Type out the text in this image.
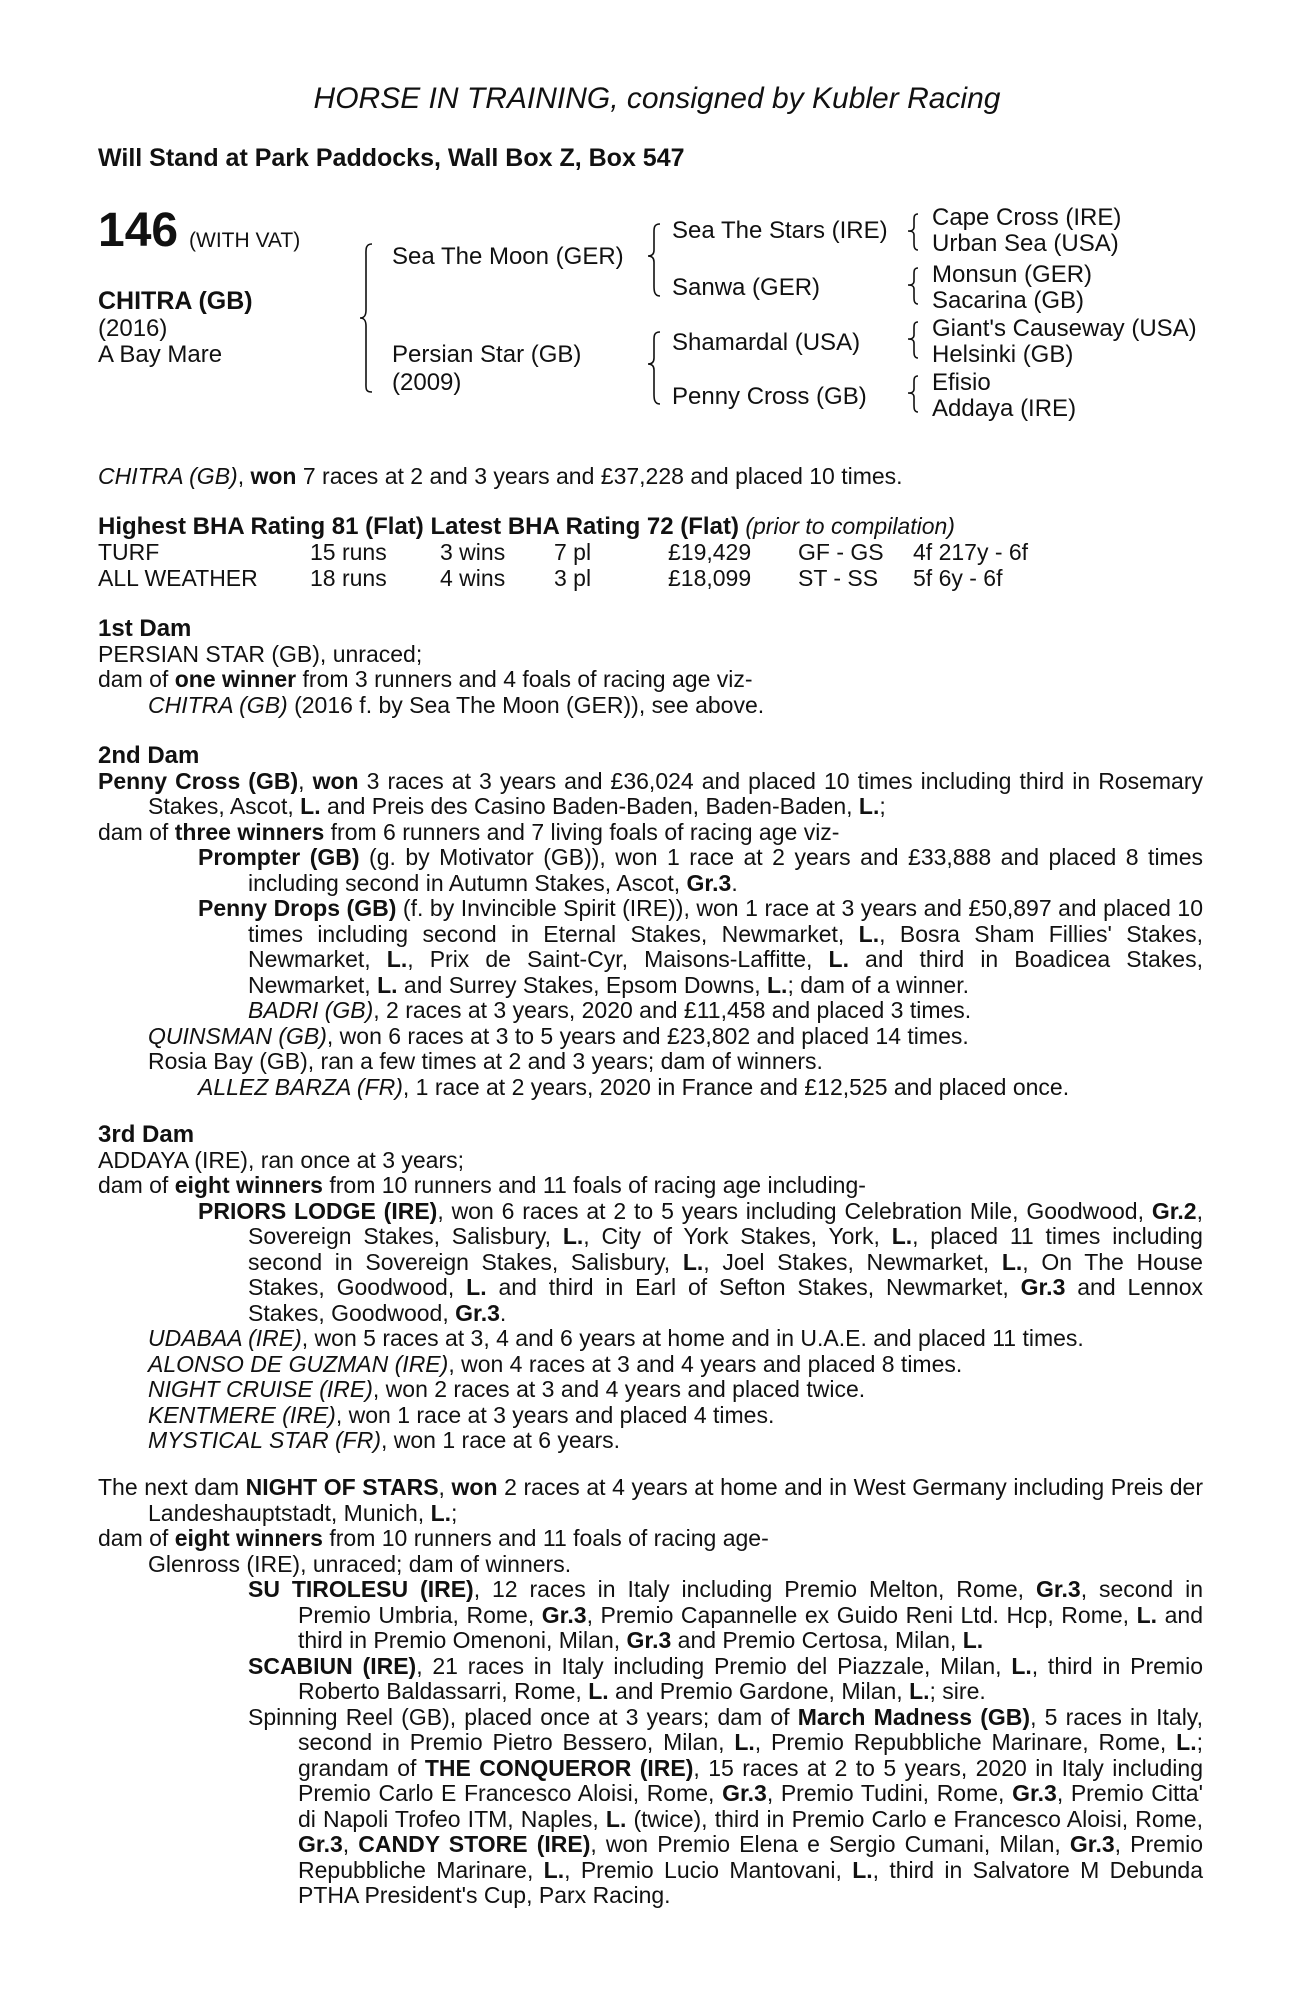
HORSE IN TRAINING, consigned by Kubler Racing
Will Stand at Park Paddocks, Wall Box Z, Box 547
146 (WITH VAT)
CHITRA (GB)
(2016)
A Bay Mare
Sea The Moon (GER)
Persian Star (GB)
(2009)
Sea The Stars (IRE)
Sanwa (GER)
Shamardal (USA)
Penny Cross (GB)
Cape Cross (IRE)
Urban Sea (USA)
Monsun (GER)
Sacarina (GB)
Giant's Causeway (USA)
Helsinki (GB)
Efisio
Addaya (IRE)

CHITRA (GB), won 7 races at 2 and 3 years and £37,228 and placed 10 times.

Highest BHA Rating 81 (Flat) Latest BHA Rating 72 (Flat) (prior to compilation)

TURF	15 runs	3 wins	7 pl	£19,429	GF - GS	4f 217y - 6f
ALL WEATHER	18 runs	4 wins	3 pl	£18,099	ST - SS	5f 6y - 6f

1st Dam

PERSIAN STAR (GB), unraced;

dam of one winner from 3 runners and 4 foals of racing age viz-

CHITRA (GB) (2016 f. by Sea The Moon (GER)), see above.

2nd Dam

Penny Cross (GB), won 3 races at 3 years and £36,024 and placed 10 times including third in Rosemary Stakes, Ascot, L. and Preis des Casino Baden-Baden, Baden-Baden, L.;

dam of three winners from 6 runners and 7 living foals of racing age viz-

Prompter (GB) (g. by Motivator (GB)), won 1 race at 2 years and £33,888 and placed 8 times including second in Autumn Stakes, Ascot, Gr.3.

Penny Drops (GB) (f. by Invincible Spirit (IRE)), won 1 race at 3 years and £50,897 and placed 10 times including second in Eternal Stakes, Newmarket, L., Bosra Sham Fillies' Stakes, Newmarket, L., Prix de Saint-Cyr, Maisons-Laffitte, L. and third in Boadicea Stakes, Newmarket, L. and Surrey Stakes, Epsom Downs, L.; dam of a winner.

BADRI (GB), 2 races at 3 years, 2020 and £11,458 and placed 3 times.

QUINSMAN (GB), won 6 races at 3 to 5 years and £23,802 and placed 14 times.

Rosia Bay (GB), ran a few times at 2 and 3 years; dam of winners.

ALLEZ BARZA (FR), 1 race at 2 years, 2020 in France and £12,525 and placed once.

3rd Dam

ADDAYA (IRE), ran once at 3 years;

dam of eight winners from 10 runners and 11 foals of racing age including-

PRIORS LODGE (IRE), won 6 races at 2 to 5 years including Celebration Mile, Goodwood, Gr.2, Sovereign Stakes, Salisbury, L., City of York Stakes, York, L., placed 11 times including second in Sovereign Stakes, Salisbury, L., Joel Stakes, Newmarket, L., On The House Stakes, Goodwood, L. and third in Earl of Sefton Stakes, Newmarket, Gr.3 and Lennox Stakes, Goodwood, Gr.3.

UDABAA (IRE), won 5 races at 3, 4 and 6 years at home and in U.A.E. and placed 11 times.

ALONSO DE GUZMAN (IRE), won 4 races at 3 and 4 years and placed 8 times.

NIGHT CRUISE (IRE), won 2 races at 3 and 4 years and placed twice.

KENTMERE (IRE), won 1 race at 3 years and placed 4 times.

MYSTICAL STAR (FR), won 1 race at 6 years.

The next dam NIGHT OF STARS, won 2 races at 4 years at home and in West Germany including Preis der Landeshauptstadt, Munich, L.;

dam of eight winners from 10 runners and 11 foals of racing age-

Glenross (IRE), unraced; dam of winners.

SU TIROLESU (IRE), 12 races in Italy including Premio Melton, Rome, Gr.3, second in Premio Umbria, Rome, Gr.3, Premio Capannelle ex Guido Reni Ltd. Hcp, Rome, L. and third in Premio Omenoni, Milan, Gr.3 and Premio Certosa, Milan, L.

SCABIUN (IRE), 21 races in Italy including Premio del Piazzale, Milan, L., third in Premio Roberto Baldassarri, Rome, L. and Premio Gardone, Milan, L.; sire.

Spinning Reel (GB), placed once at 3 years; dam of March Madness (GB), 5 races in Italy, second in Premio Pietro Bessero, Milan, L., Premio Repubbliche Marinare, Rome, L.; grandam of THE CONQUEROR (IRE), 15 races at 2 to 5 years, 2020 in Italy including Premio Carlo E Francesco Aloisi, Rome, Gr.3, Premio Tudini, Rome, Gr.3, Premio Citta' di Napoli Trofeo ITM, Naples, L. (twice), third in Premio Carlo e Francesco Aloisi, Rome, Gr.3, CANDY STORE (IRE), won Premio Elena e Sergio Cumani, Milan, Gr.3, Premio Repubbliche Marinare, L., Premio Lucio Mantovani, L., third in Salvatore M Debunda PTHA President's Cup, Parx Racing.
